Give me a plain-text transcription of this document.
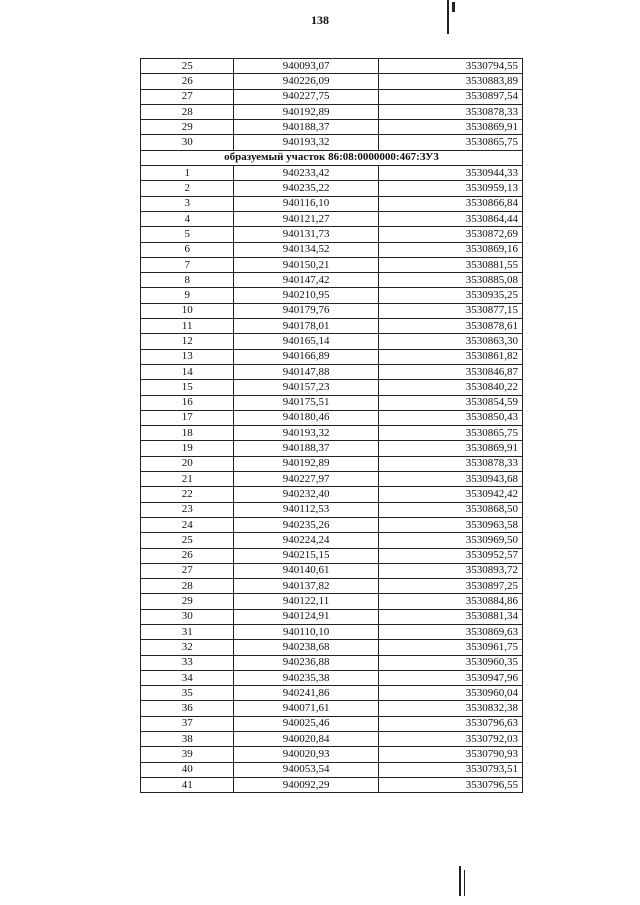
138
25	940093,07	3530794,55
26	940226,09	3530883,89
27	940227,75	3530897,54
28	940192,89	3530878,33
29	940188,37	3530869,91
30	940193,32	3530865,75
образуемый участок 86:08:0000000:467:ЗУ3		
1	940233,42	3530944,33
2	940235,22	3530959,13
3	940116,10	3530866,84
4	940121,27	3530864,44
5	940131,73	3530872,69
6	940134,52	3530869,16
7	940150,21	3530881,55
8	940147,42	3530885,08
9	940210,95	3530935,25
10	940179,76	3530877,15
11	940178,01	3530878,61
12	940165,14	3530863,30
13	940166,89	3530861,82
14	940147,88	3530846,87
15	940157,23	3530840,22
16	940175,51	3530854,59
17	940180,46	3530850,43
18	940193,32	3530865,75
19	940188,37	3530869,91
20	940192,89	3530878,33
21	940227,97	3530943,68
22	940232,40	3530942,42
23	940112,53	3530868,50
24	940235,26	3530963,58
25	940224,24	3530969,50
26	940215,15	3530952,57
27	940140,61	3530893,72
28	940137,82	3530897,25
29	940122,11	3530884,86
30	940124,91	3530881,34
31	940110,10	3530869,63
32	940238,68	3530961,75
33	940236,88	3530960,35
34	940235,38	3530947,96
35	940241,86	3530960,04
36	940071,61	3530832,38
37	940025,46	3530796,63
38	940020,84	3530792,03
39	940020,93	3530790,93
40	940053,54	3530793,51
41	940092,29	3530796,55
